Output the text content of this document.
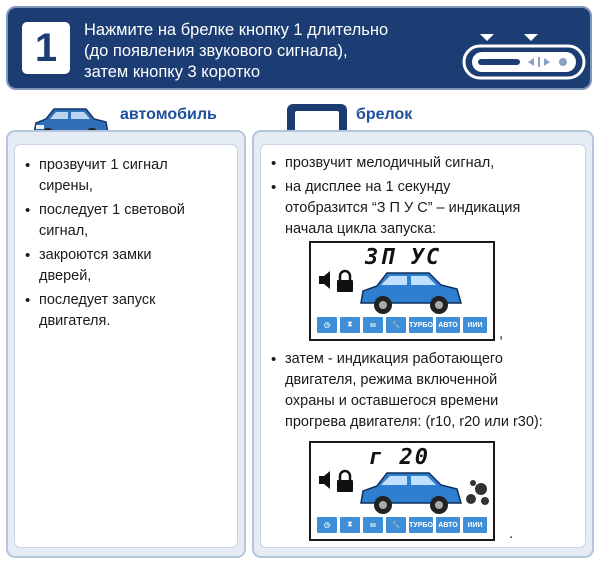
1	Нажмите на брелке кнопку 1 длительно
(до появления звукового сигнала),
затем кнопку 3 коротко
автомобиль
• прозвучит 1 сигнал
сирены,
• последует 1 световой
сигнал,
• закроются замки
дверей,
• последует запуск
двигателя.
брелок
• прозвучит мелодичный сигнал,
• на дисплее на 1 секунду
отобразится “З П У С” – индикация
начала цикла запуска:
ЗП УС
◷	⧗	ııı	🔧	ТУРБО АВТО	ИИИ ,
• затем - индикация работающего
двигателя, режима включенной
охраны и оставшегося времени
прогрева двигателя: (r10, r20 или r30):
г 20
◷	⧗	ııı	🔧	ТУРБО АВТО	ИИИ .
